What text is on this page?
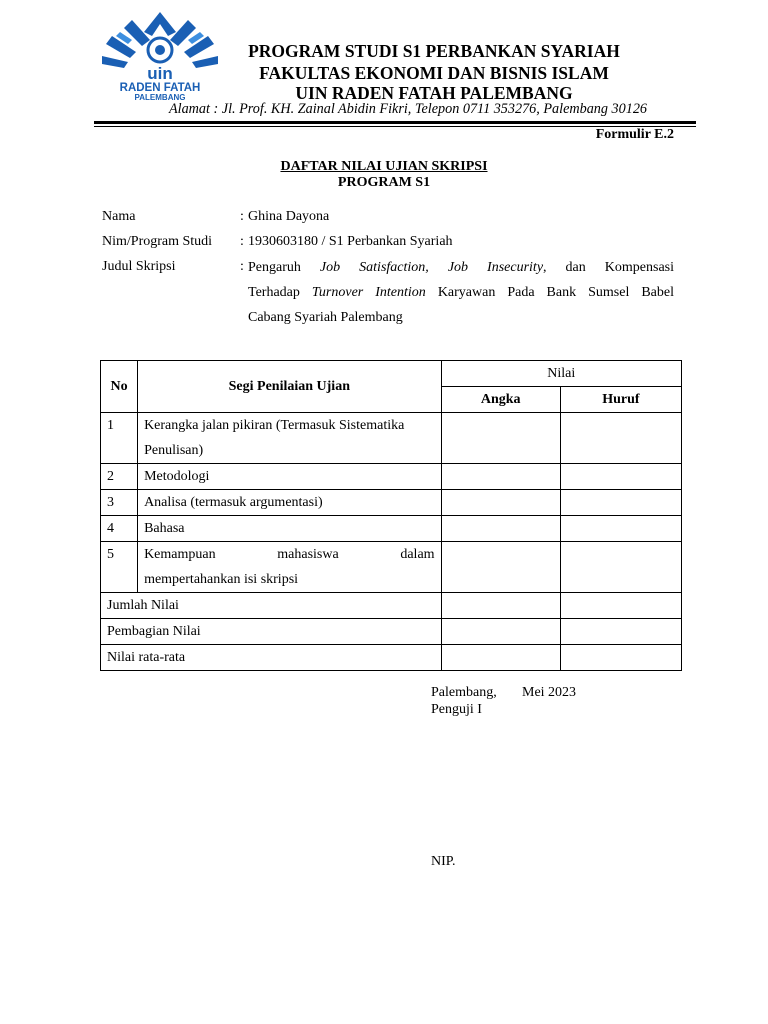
uin
RADEN FATAH
PALEMBANG
PROGRAM STUDI S1 PERBANKAN SYARIAH
FAKULTAS EKONOMI DAN BISNIS ISLAM
UIN RADEN FATAH PALEMBANG
Alamat : Jl. Prof. KH. Zainal Abidin Fikri, Telepon 0711 353276, Palembang 30126
Formulir E.2
DAFTAR NILAI UJIAN SKRIPSI
PROGRAM S1
Nama	: Ghina Dayona
Nim/Program Studi : 1930603180 / S1 Perbankan Syariah
Judul Skripsi	: Pengaruh Job Satisfaction, Job Insecurity, dan Kompensasi
Terhadap Turnover Intention Karyawan Pada Bank Sumsel Babel
Cabang Syariah Palembang
No	Segi Penilaian Ujian	Nilai	
		Angka	Huruf
1	Kerangka jalan pikiran (Termasuk Sistematika
Penulisan)		

2	Metodologi		
3	Analisa (termasuk argumentasi)		
4	Bahasa		
5	Kemampuan mahasiswa dalam
mempertahankan isi skripsi		

Jumlah Nilai			
Pembagian Nilai			
Nilai rata-rata			
Palembang, Mei 2023
Penguji I
NIP.
